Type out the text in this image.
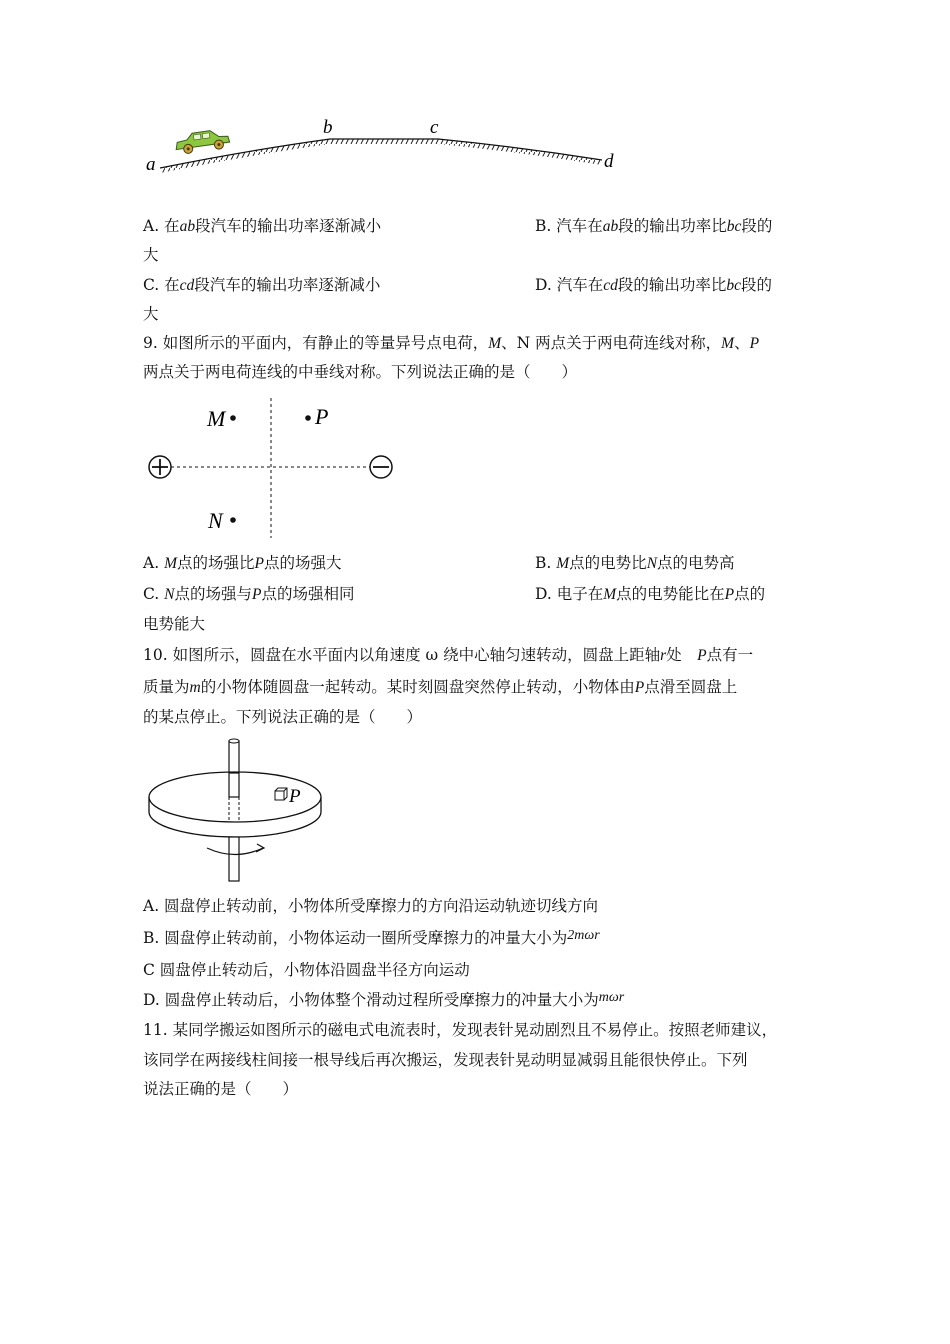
a
b	c
d
A. 在ab段汽车的输出功率逐渐减小	B. 汽车在ab段的输出功率比bc段的
大
C. 在cd段汽车的输出功率逐渐减小	D. 汽车在cd段的输出功率比bc段的
大
9. 如图所示的平面内，有静止的等量异号点电荷，M、N 两点关于两电荷连线对称，M、P
两点关于两电荷连线的中垂线对称。下列说法正确的是（　　）
M	P
N
A. M点的场强比P点的场强大	B. M点的电势比N点的电势高
C. N点的场强与P点的场强相同	D. 电子在M点的电势能比在P点的
电势能大
10. 如图所示，圆盘在水平面内以角速度 ω 绕中心轴匀速转动，圆盘上距轴r处　P点有一
质量为m的小物体随圆盘一起转动。某时刻圆盘突然停止转动，小物体由P点滑至圆盘上
的某点停止。下列说法正确的是（　　）
P
A. 圆盘停止转动前，小物体所受摩擦力的方向沿运动轨迹切线方向
B. 圆盘停止转动前，小物体运动一圈所受摩擦力的冲量大小为2mωr
C 圆盘停止转动后，小物体沿圆盘半径方向运动
D. 圆盘停止转动后，小物体整个滑动过程所受摩擦力的冲量大小为mωr
11. 某同学搬运如图所示的磁电式电流表时，发现表针晃动剧烈且不易停止。按照老师建议，
该同学在两接线柱间接一根导线后再次搬运，发现表针晃动明显减弱且能很快停止。下列
说法正确的是（　　）
